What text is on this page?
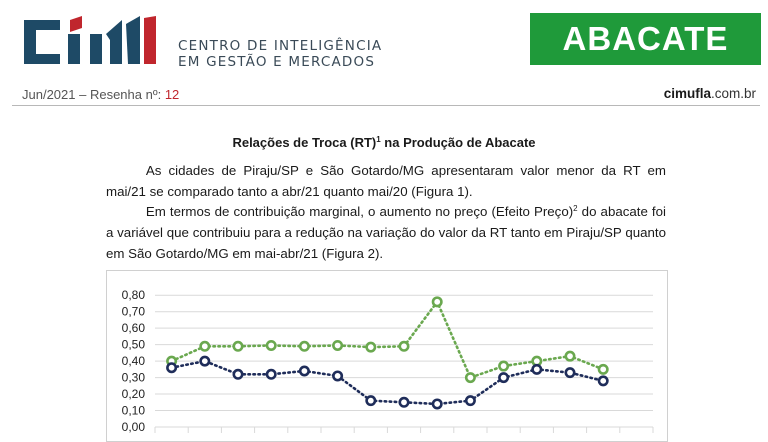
CENTRO DE INTELIGÊNCIA
EM GESTÃO E MERCADOS
ABACATE
Jun/2021 – Resenha nº: 12	cimufla.com.br
Relações de Troca (RT)$^1$ na Produção de Abacate
   As cidades de Piraju/SP e São Gotardo/MG apresentaram valor menor da RT em mai/21 se comparado tanto a abr/21 quanto mai/20 (Figura 1).
   Em termos de contribuição marginal, o aumento no preço (Efeito Preço)$^2$ do abacate foi a variável que contribuiu para a redução na variação do valor da RT tanto em Piraju/SP quanto em São Gotardo/MG em mai-abr/21 (Figura 2).
0,00
0,10
0,20
0,30
0,40
0,50
0,60
0,70
0,80
